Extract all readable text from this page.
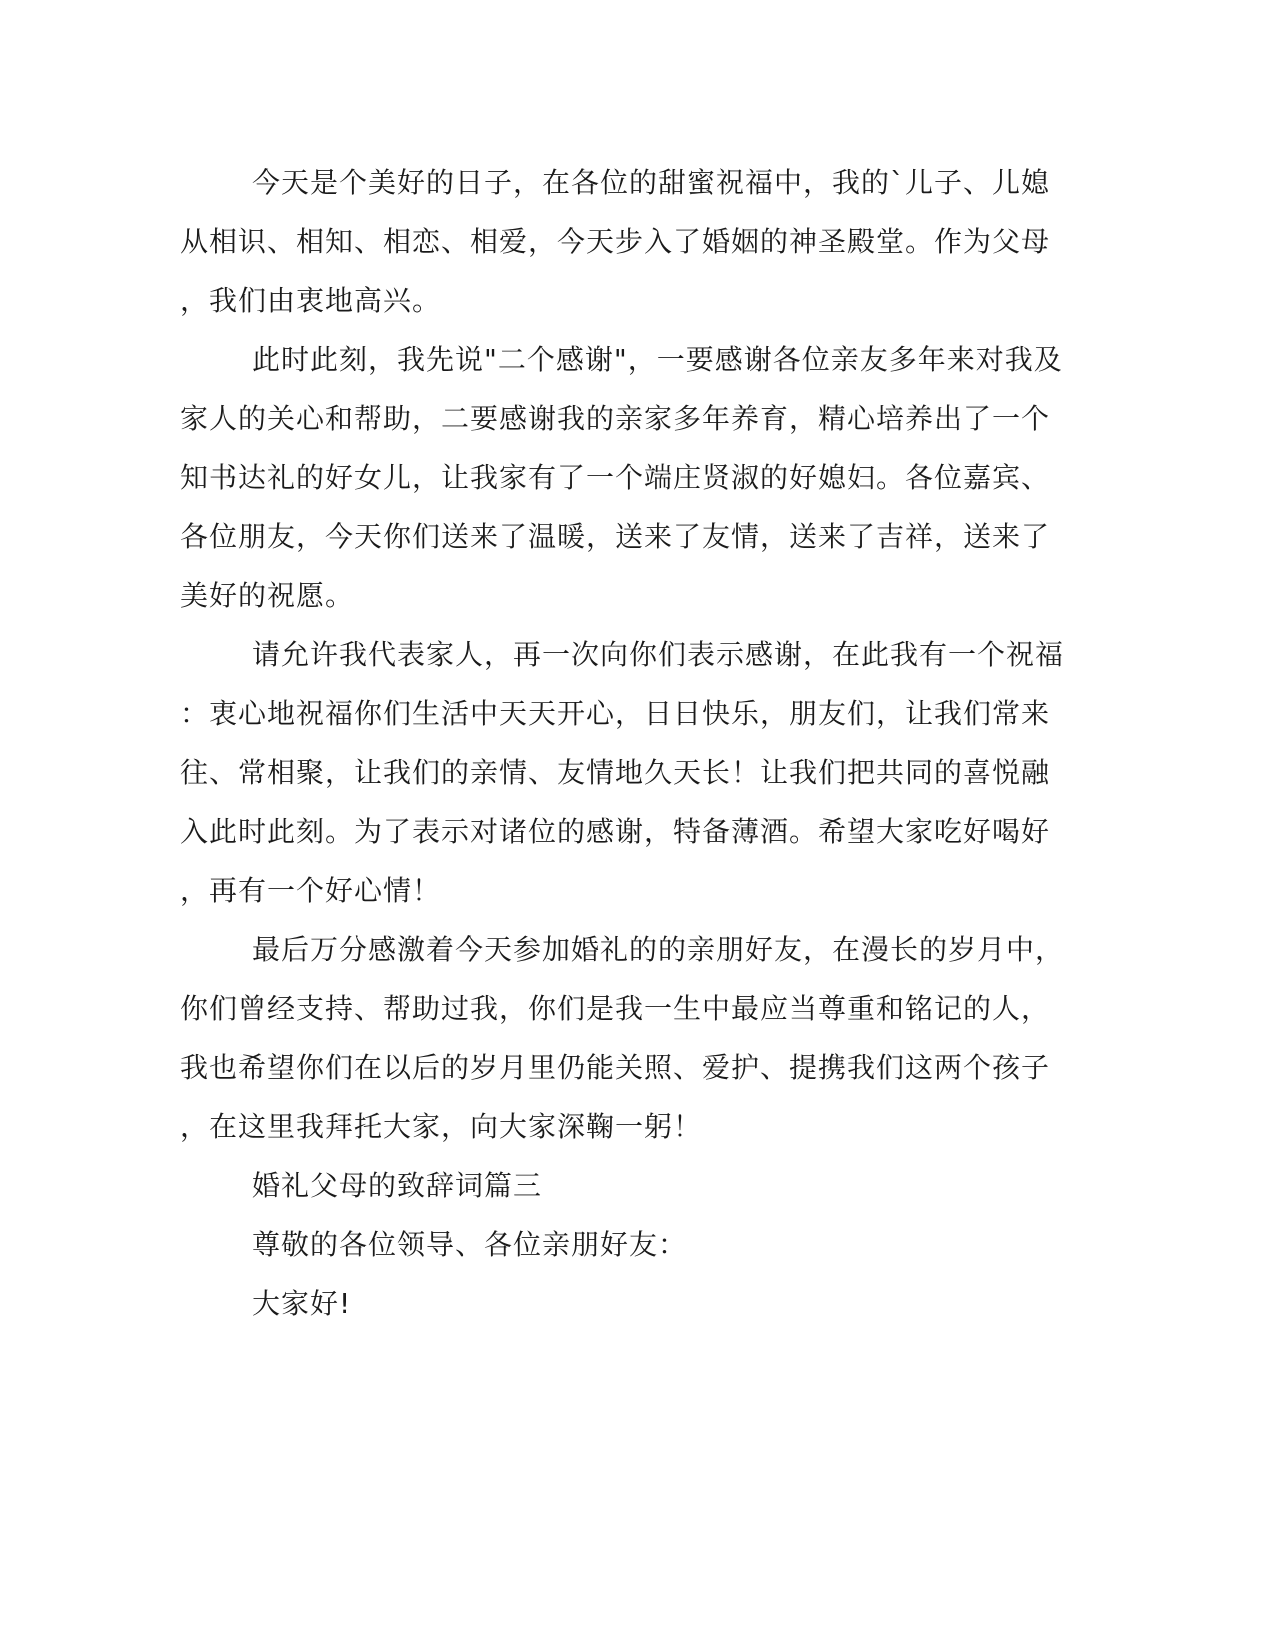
今天是个美好的日子，在各位的甜蜜祝福中，我的`儿子、儿媳
从相识、相知、相恋、相爱，今天步入了婚姻的神圣殿堂。作为父母
，我们由衷地高兴。
此时此刻，我先说"二个感谢"，一要感谢各位亲友多年来对我及
家人的关心和帮助，二要感谢我的亲家多年养育，精心培养出了一个
知书达礼的好女儿，让我家有了一个端庄贤淑的好媳妇。各位嘉宾、
各位朋友，今天你们送来了温暖，送来了友情，送来了吉祥，送来了
美好的祝愿。
请允许我代表家人，再一次向你们表示感谢，在此我有一个祝福
：衷心地祝福你们生活中天天开心，日日快乐，朋友们，让我们常来
往、常相聚，让我们的亲情、友情地久天长！让我们把共同的喜悦融
入此时此刻。为了表示对诸位的感谢，特备薄酒。希望大家吃好喝好
，再有一个好心情！
最后万分感激着今天参加婚礼的的亲朋好友，在漫长的岁月中，
你们曾经支持、帮助过我，你们是我一生中最应当尊重和铭记的人，
我也希望你们在以后的岁月里仍能关照、爱护、提携我们这两个孩子
，在这里我拜托大家，向大家深鞠一躬！
婚礼父母的致辞词篇三
尊敬的各位领导、各位亲朋好友：
大家好!
